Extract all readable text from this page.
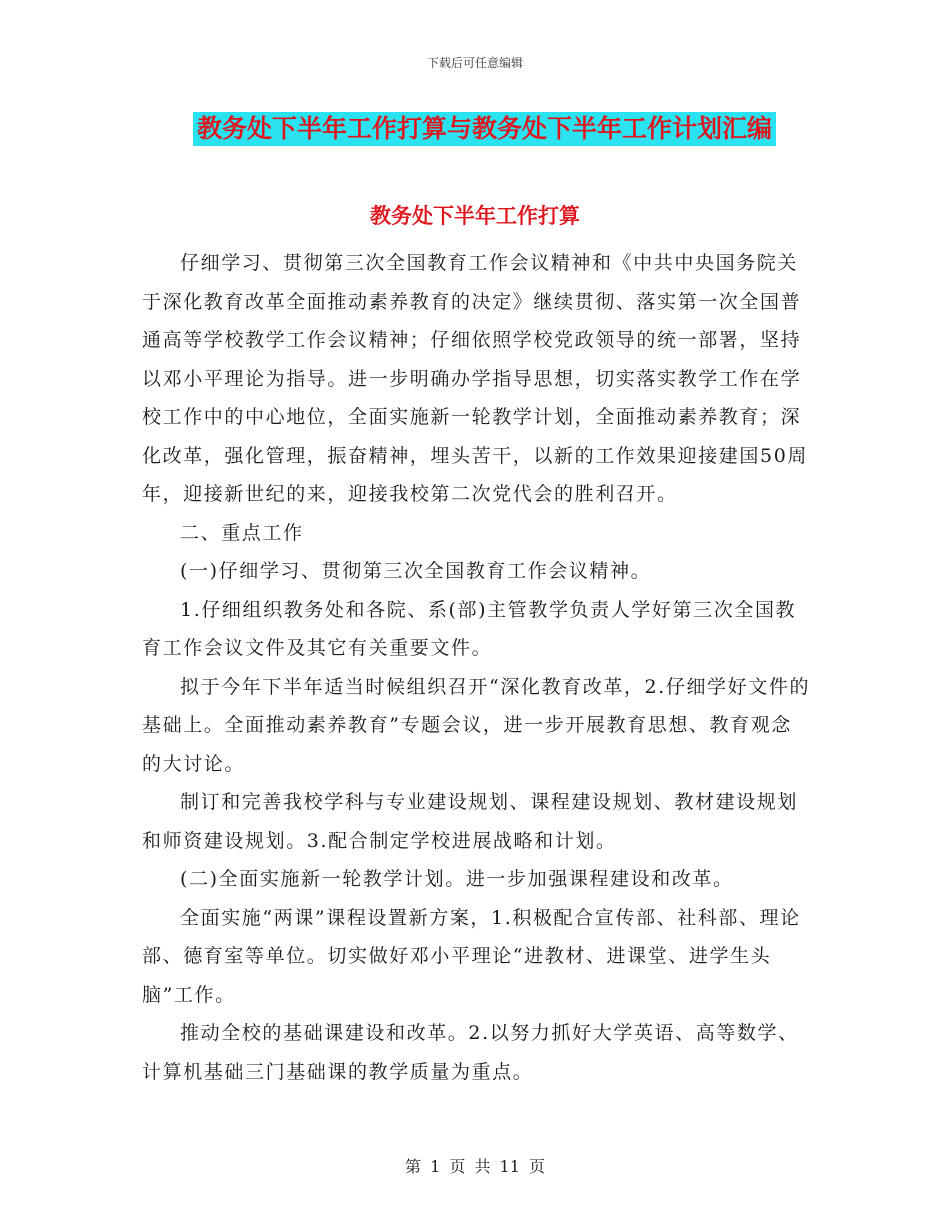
下载后可任意编辑
教务处下半年工作打算与教务处下半年工作计划汇编
教务处下半年工作打算

仔细学习、贯彻第三次全国教育工作会议精神和《中共中央国务院关于深化教育改革全面推动素养教育的决定》继续贯彻、落实第一次全国普通高等学校教学工作会议精神；仔细依照学校党政领导的统一部署，坚持以邓小平理论为指导。进一步明确办学指导思想，切实落实教学工作在学校工作中的中心地位，全面实施新一轮教学计划，全面推动素养教育；深化改革，强化管理，振奋精神，埋头苦干，以新的工作效果迎接建国50周年，迎接新世纪的来，迎接我校第二次党代会的胜利召开。

二、重点工作

(一)仔细学习、贯彻第三次全国教育工作会议精神。

1.仔细组织教务处和各院、系(部)主管教学负责人学好第三次全国教育工作会议文件及其它有关重要文件。

拟于今年下半年适当时候组织召开“深化教育改革，2.仔细学好文件的基础上。全面推动素养教育”专题会议，进一步开展教育思想、教育观念的大讨论。

制订和完善我校学科与专业建设规划、课程建设规划、教材建设规划和师资建设规划。3.配合制定学校进展战略和计划。

(二)全面实施新一轮教学计划。进一步加强课程建设和改革。

全面实施“两课”课程设置新方案，1.积极配合宣传部、社科部、理论部、德育室等单位。切实做好邓小平理论“进教材、进课堂、进学生头脑”工作。

推动全校的基础课建设和改革。2.以努力抓好大学英语、高等数学、计算机基础三门基础课的教学质量为重点。

第 1 页 共 11 页
